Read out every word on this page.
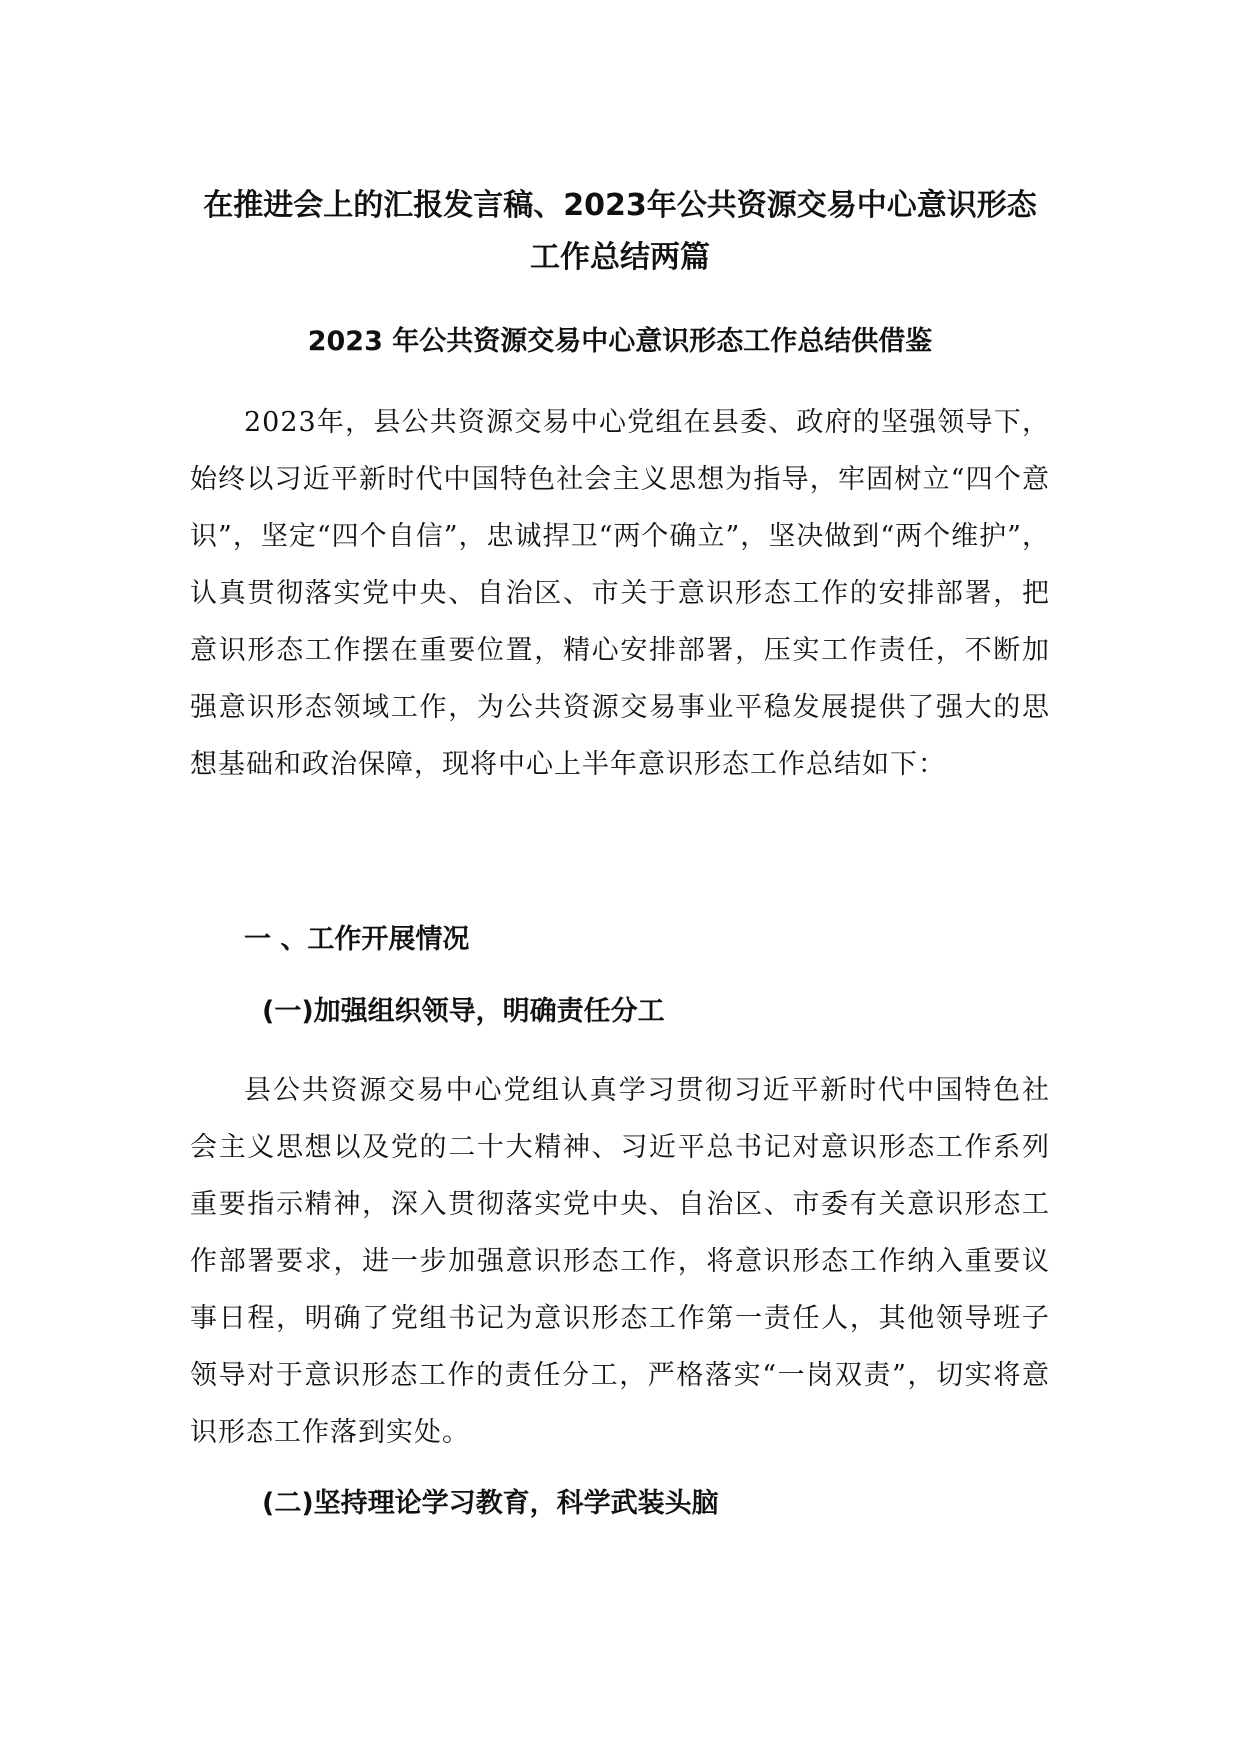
在推进会上的汇报发言稿、2023年公共资源交易中心意识形态工作总结两篇
2023 年公共资源交易中心意识形态工作总结供借鉴

2023年，县公共资源交易中心党组在县委、政府的坚强领导下，始终以习近平新时代中国特色社会主义思想为指导，牢固树立“四个意识”，坚定“四个自信”，忠诚捍卫“两个确立”，坚决做到“两个维护”，认真贯彻落实党中央、自治区、市关于意识形态工作的安排部署，把意识形态工作摆在重要位置，精心安排部署，压实工作责任，不断加强意识形态领域工作，为公共资源交易事业平稳发展提供了强大的思想基础和政治保障，现将中心上半年意识形态工作总结如下：

一 、工作开展情况
(一)加强组织领导，明确责任分工

县公共资源交易中心党组认真学习贯彻习近平新时代中国特色社会主义思想以及党的二十大精神、习近平总书记对意识形态工作系列重要指示精神，深入贯彻落实党中央、自治区、市委有关意识形态工作部署要求，进一步加强意识形态工作，将意识形态工作纳入重要议事日程，明确了党组书记为意识形态工作第一责任人，其他领导班子领导对于意识形态工作的责任分工，严格落实“一岗双责”，切实将意识形态工作落到实处。

(二)坚持理论学习教育，科学武装头脑
